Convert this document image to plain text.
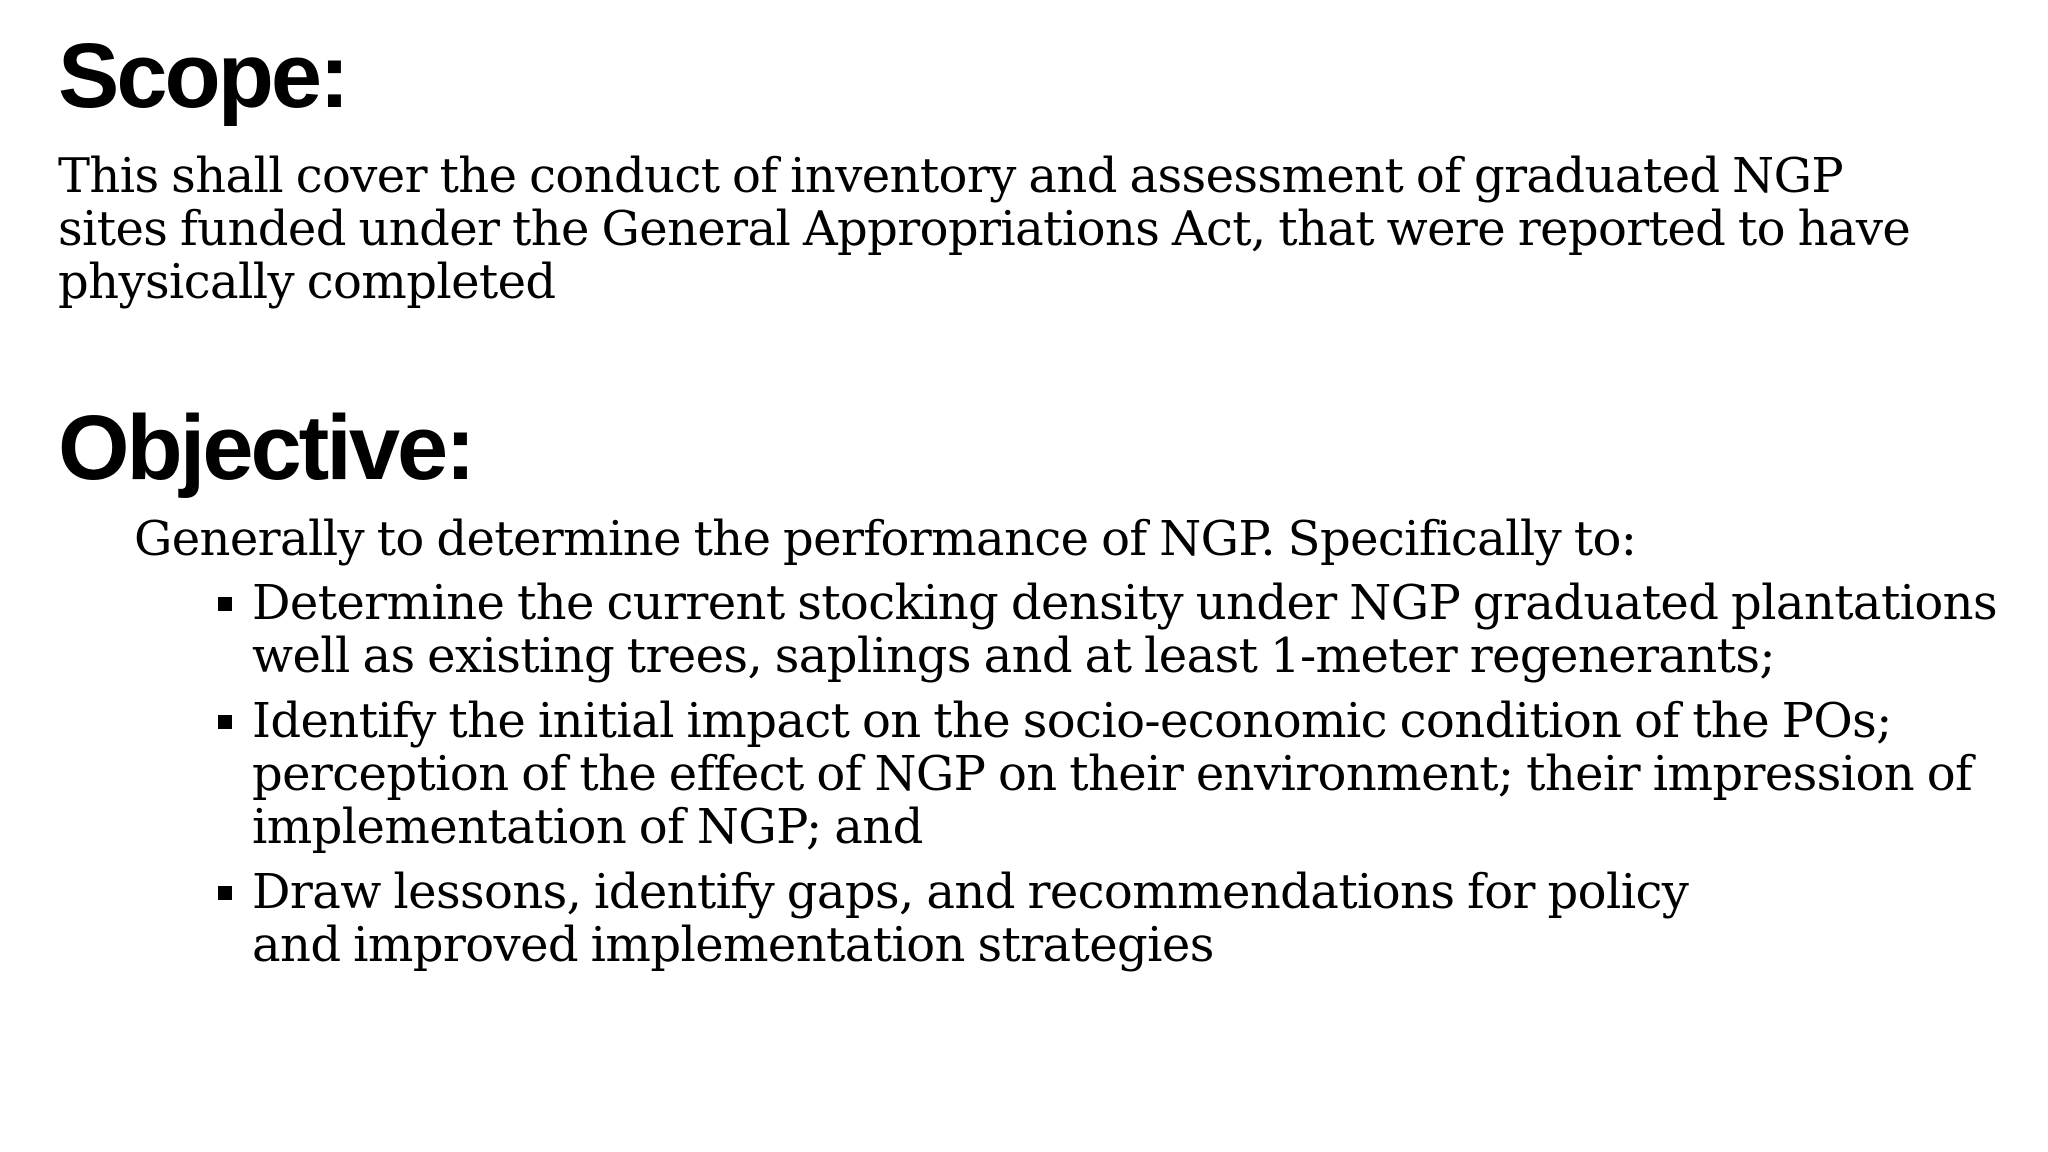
Scope:

This shall cover the conduct of inventory and assessment of graduated NGP
sites funded under the General Appropriations Act, that were reported to have
physically completed

Objective:

Generally to determine the performance of NGP. Specifically to:

Determine the current stocking density under NGP graduated plantations
well as existing trees, saplings and at least 1-meter regenerants;
Identify the initial impact on the socio-economic condition of the POs;
perception of the effect of NGP on their environment; their impression of
implementation of NGP; and
Draw lessons, identify gaps, and recommendations for policy
and improved implementation strategies
